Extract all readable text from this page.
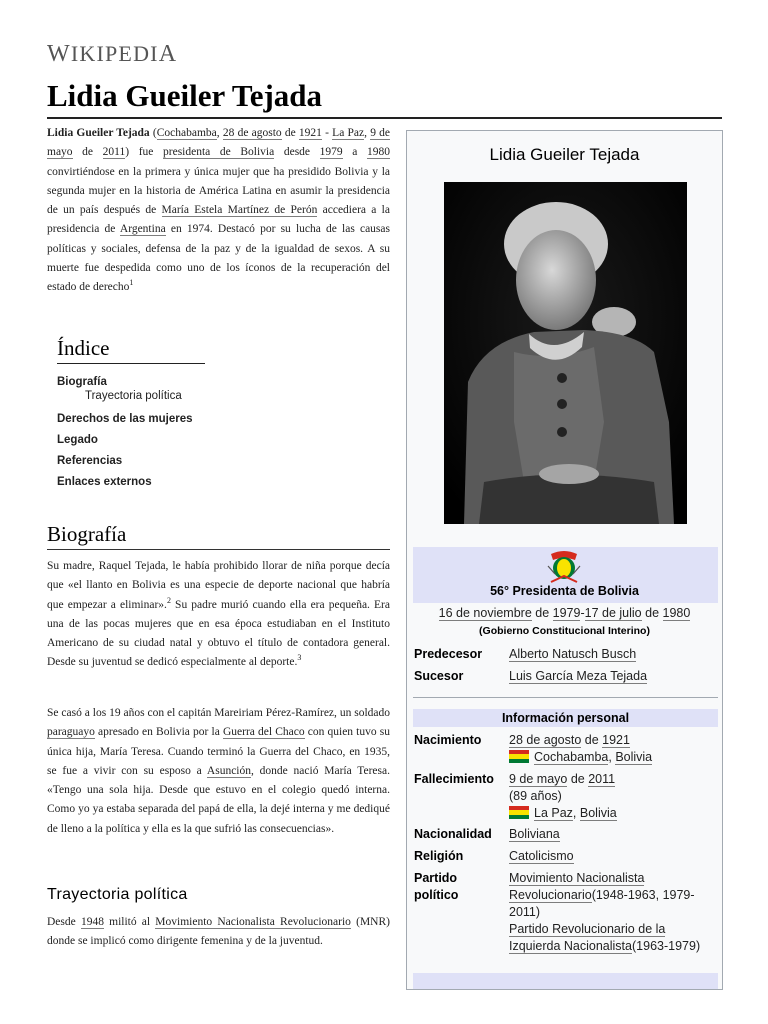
WIKIPEDIA
Lidia Gueiler Tejada

Lidia Gueiler Tejada (Cochabamba, 28 de agosto de 1921 - La Paz, 9 de mayo de 2011) fue presidenta de Bolivia desde 1979 a 1980 convirtiéndose en la primera y única mujer que ha presidido Bolivia y la segunda mujer en la historia de América Latina en asumir la presidencia de un país después de María Estela Martínez de Perón accediera a la presidencia de Argentina en 1974. Destacó por su lucha de las causas políticas y sociales, defensa de la paz y de la igualdad de sexos. A su muerte fue despedida como uno de los íconos de la recuperación del estado de derecho$^1$

Índice
Biografía
Trayectoria política
Derechos de las mujeres
Legado
Referencias
Enlaces externos
Biografía

Su madre, Raquel Tejada, le había prohibido llorar de niña porque decía que «el llanto en Bolivia es una especie de deporte nacional que habría que empezar a eliminar».$^2$ Su padre murió cuando ella era pequeña. Era una de las pocas mujeres que en esa época estudiaban en el Instituto Americano de su ciudad natal y obtuvo el título de contadora general. Desde su juventud se dedicó especialmente al deporte.$^3$

Se casó a los 19 años con el capitán Mareiriam Pérez-Ramírez, un soldado paraguayo apresado en Bolivia por la Guerra del Chaco con quien tuvo su única hija, María Teresa. Cuando terminó la Guerra del Chaco, en 1935, se fue a vivir con su esposo a Asunción, donde nació María Teresa. «Tengo una sola hija. Desde que estuvo en el colegio quedó interna. Como yo ya estaba separada del papá de ella, la dejé interna y me dediqué de lleno a la política y ella es la que sufrió las consecuencias».

Trayectoria política

Desde 1948 militó al Movimiento Nacionalista Revolucionario (MNR) donde se implicó como dirigente femenina y de la juventud.

Lidia Gueiler Tejada
56° Presidenta de Bolivia
16 de noviembre de 1979-17 de julio de 1980
(Gobierno Constitucional Interino)
Predecesor Alberto Natusch Busch
Sucesor	Luis García Meza Tejada
Información personal
Nacimiento 28 de agosto de 1921

Cochabamba, Bolivia
Fallecimiento 9 de mayo de 2011
(89 años)

La Paz, Bolivia
Nacionalidad Boliviana
Religión	Catolicismo
Partido
político
Movimiento Nacionalista Revolucionario(1948-1963, 1979-2011)
Partido Revolucionario de la Izquierda Nacionalista(1963-1979)
